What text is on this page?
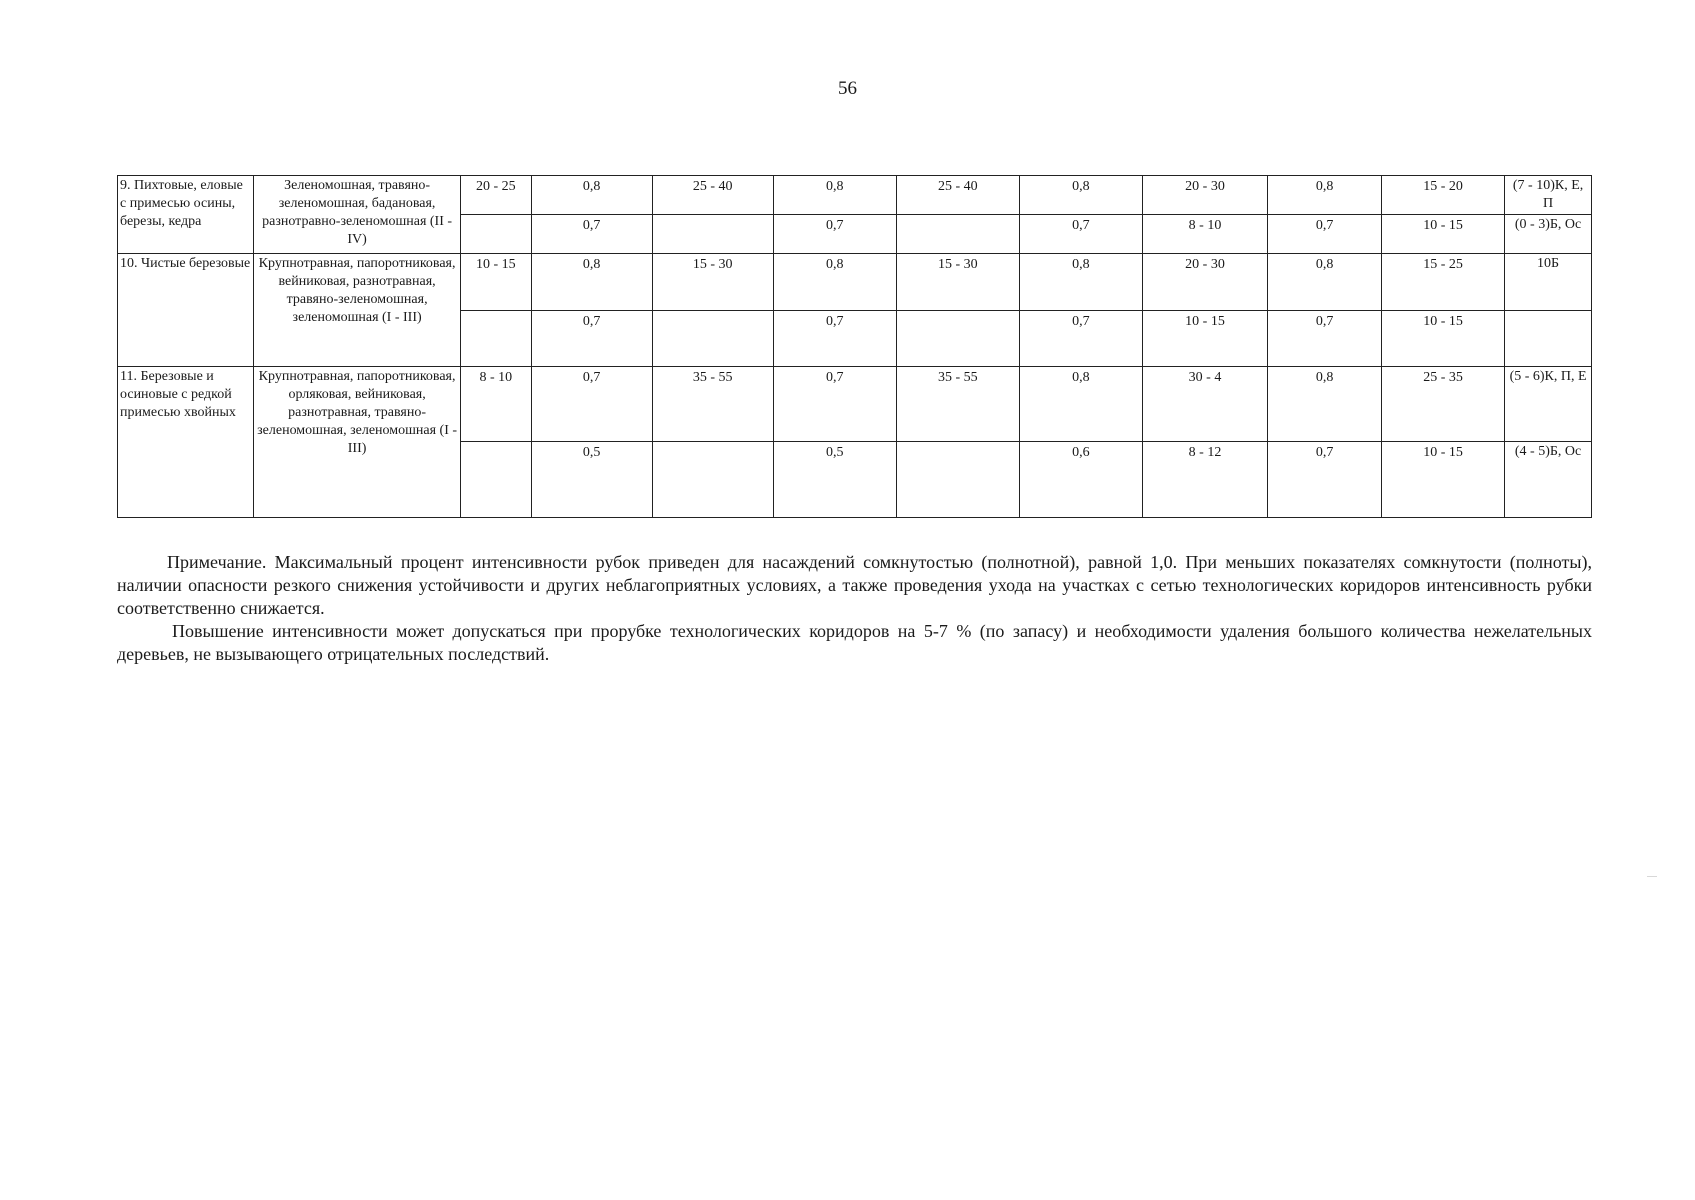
56
9. Пихтовые, еловые с примесью осины, березы, кедра	Зеленомошная, травяно-зеленомошная, бадановая, разнотравно-зеленомошная (II - IV)	20 - 25	0,8	25 - 40	0,8	25 - 40	0,8	20 - 30	0,8	15 - 20	(7 - 10)К, Е, П
			0,7		0,7		0,7	8 - 10	0,7	10 - 15	(0 - 3)Б, Ос
10. Чистые березовые	Крупнотравная, папоротниковая, вейниковая, разнотравная, травяно-зеленомошная, зеленомошная (I - III)	10 - 15	0,8	15 - 30	0,8	15 - 30	0,8	20 - 30	0,8	15 - 25	10Б
			0,7		0,7		0,7	10 - 15	0,7	10 - 15	
11. Березовые и осиновые с редкой примесью хвойных	Крупнотравная, папоротниковая, орляковая, вейниковая, разнотравная, травяно-зеленомошная, зеленомошная (I - III)	8 - 10	0,7	35 - 55	0,7	35 - 55	0,8	30 - 4	0,8	25 - 35	(5 - 6)К, П, Е
			0,5		0,5		0,6	8 - 12	0,7	10 - 15	(4 - 5)Б, Ос

Примечание. Максимальный процент интенсивности рубок приведен для насаждений сомкнутостью (полнотной), равной 1,0. При меньших показателях сомкнутости (полноты), наличии опасности резкого снижения устойчивости и других неблагоприятных условиях, а также проведения ухода на участках с сетью технологических коридоров интенсивность рубки соответственно снижается.

Повышение интенсивности может допускаться при прорубке технологических коридоров на 5-7 % (по запасу) и необходимости удаления большого количества нежелательных деревьев, не вызывающего отрицательных последствий.
